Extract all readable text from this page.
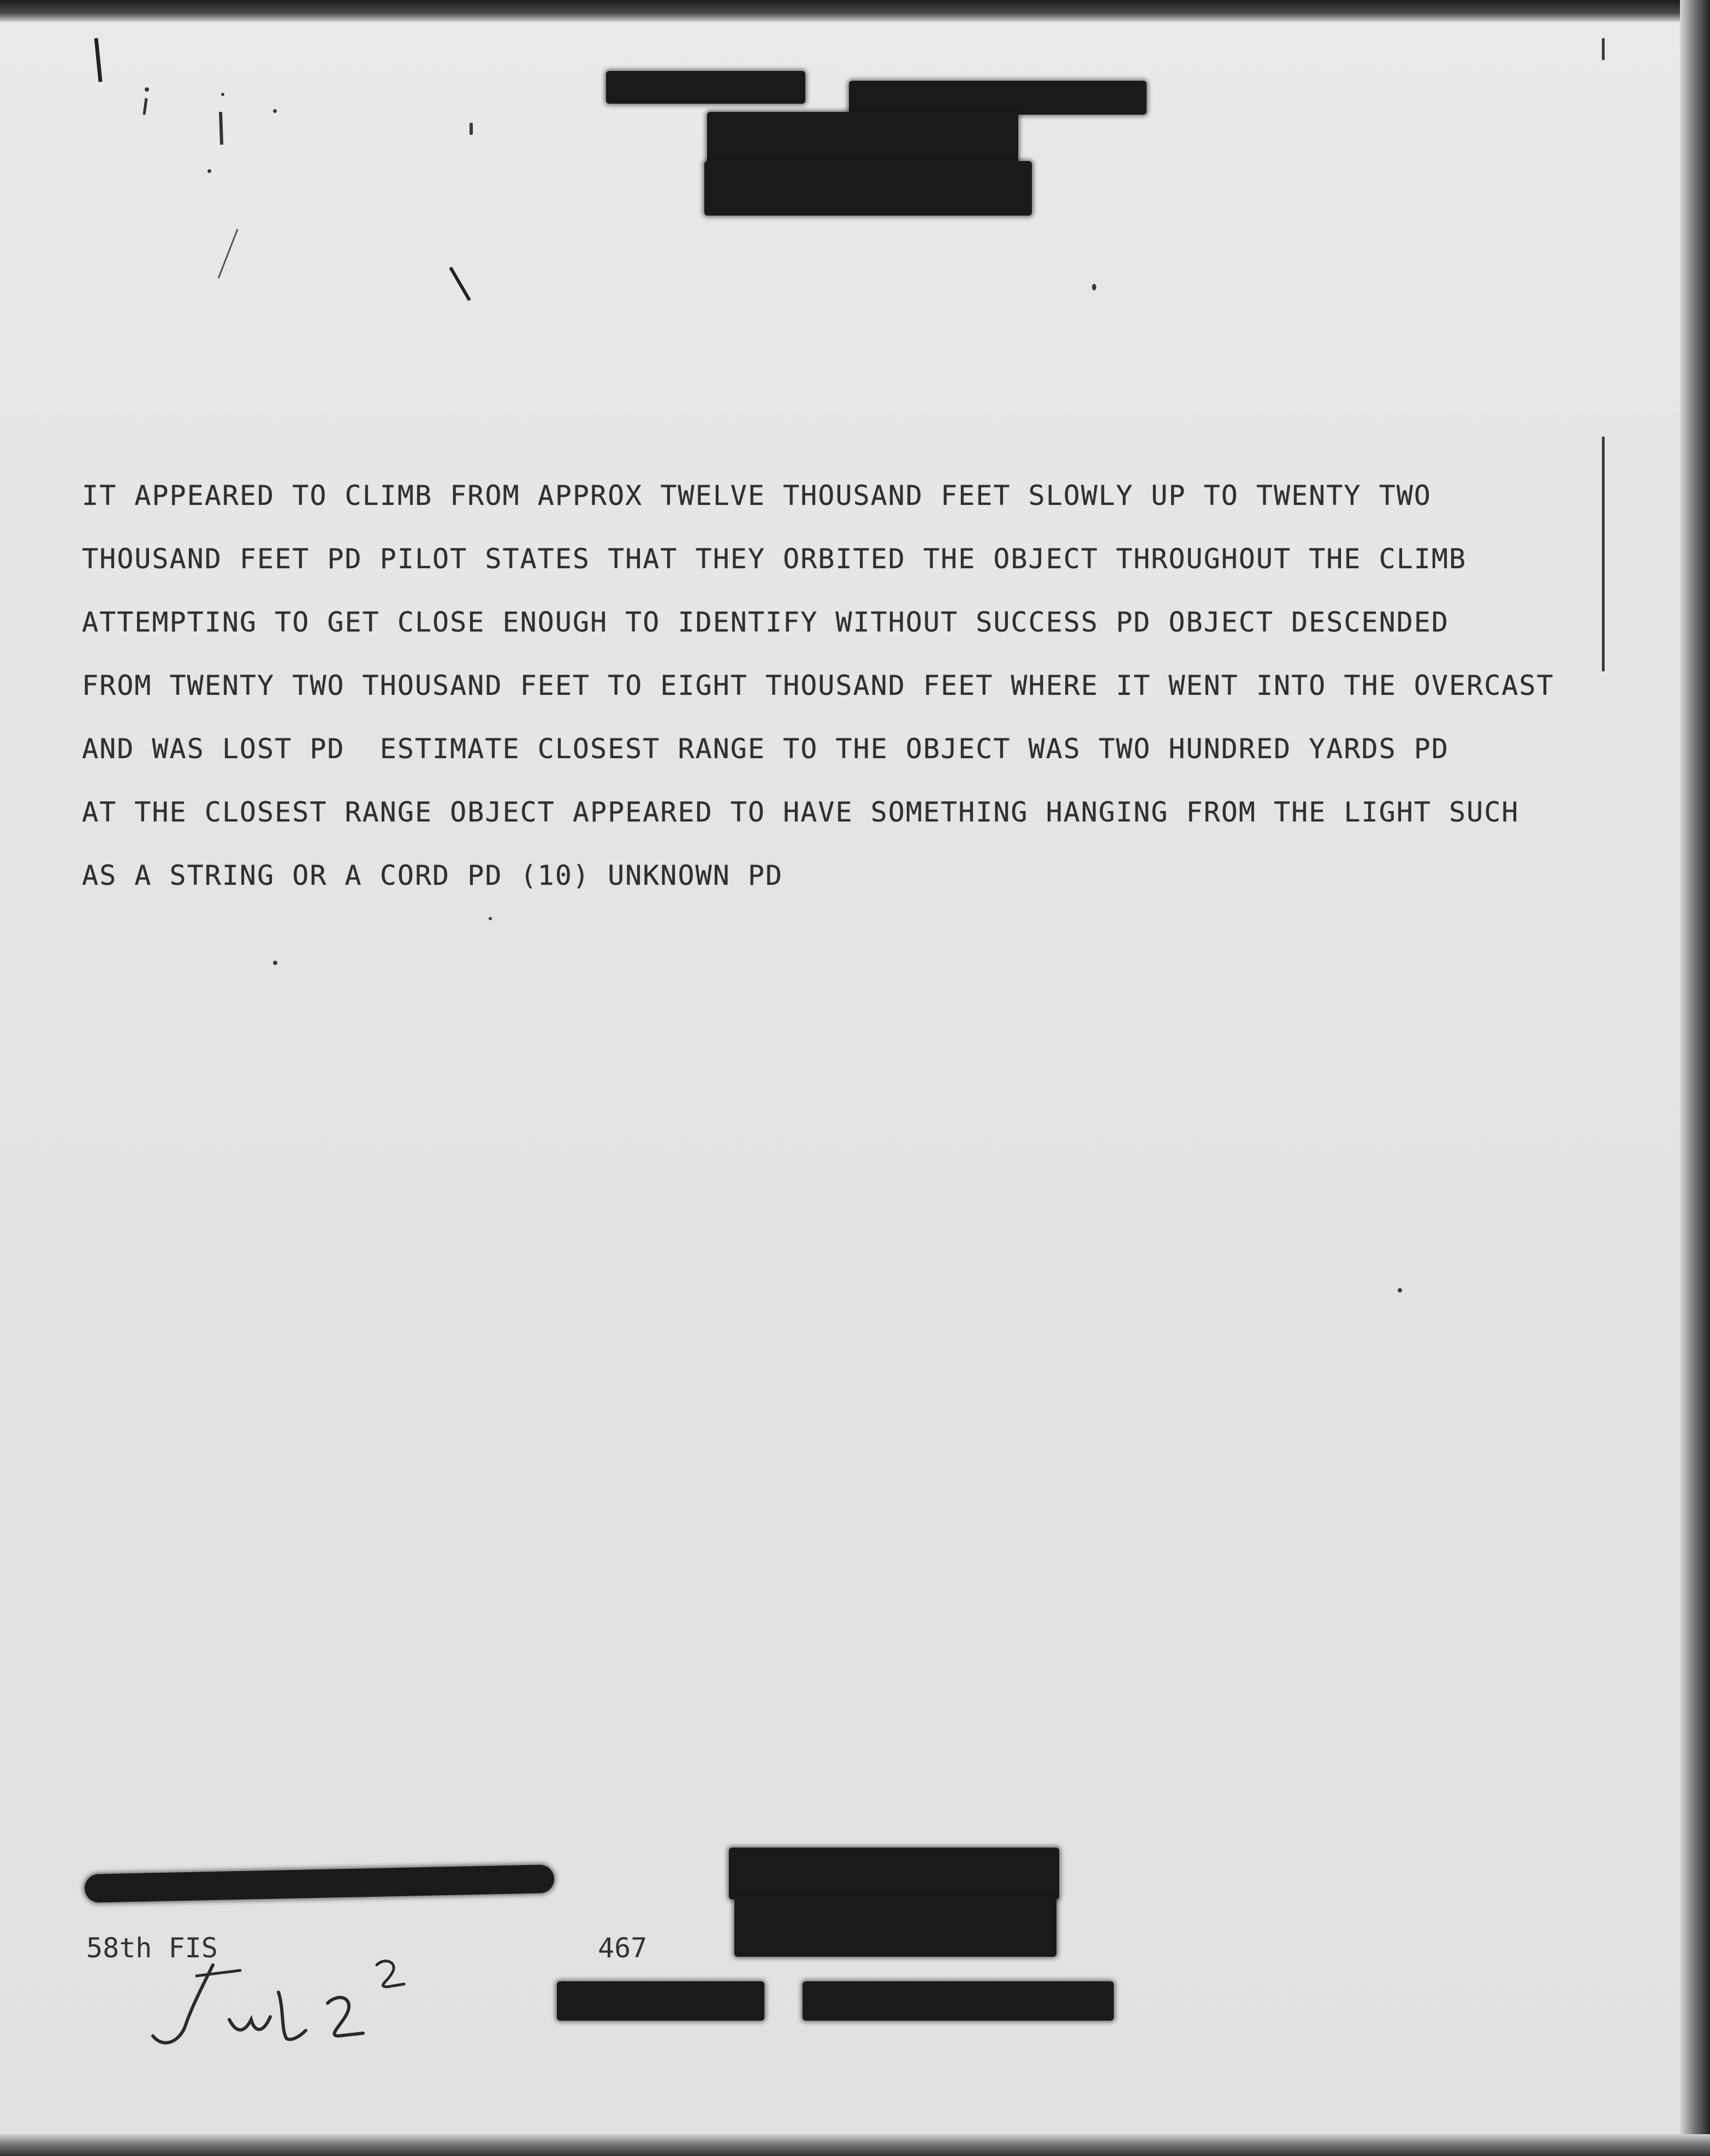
IT APPEARED TO CLIMB FROM APPROX TWELVE THOUSAND FEET SLOWLY UP TO TWENTY TWO
THOUSAND FEET PD PILOT STATES THAT THEY ORBITED THE OBJECT THROUGHOUT THE CLIMB
ATTEMPTING TO GET CLOSE ENOUGH TO IDENTIFY WITHOUT SUCCESS PD OBJECT DESCENDED
FROM TWENTY TWO THOUSAND FEET TO EIGHT THOUSAND FEET WHERE IT WENT INTO THE OVERCAST
AND WAS LOST PD  ESTIMATE CLOSEST RANGE TO THE OBJECT WAS TWO HUNDRED YARDS PD
AT THE CLOSEST RANGE OBJECT APPEARED TO HAVE SOMETHING HANGING FROM THE LIGHT SUCH
AS A STRING OR A CORD PD (10) UNKNOWN PD
58th FIS	467
